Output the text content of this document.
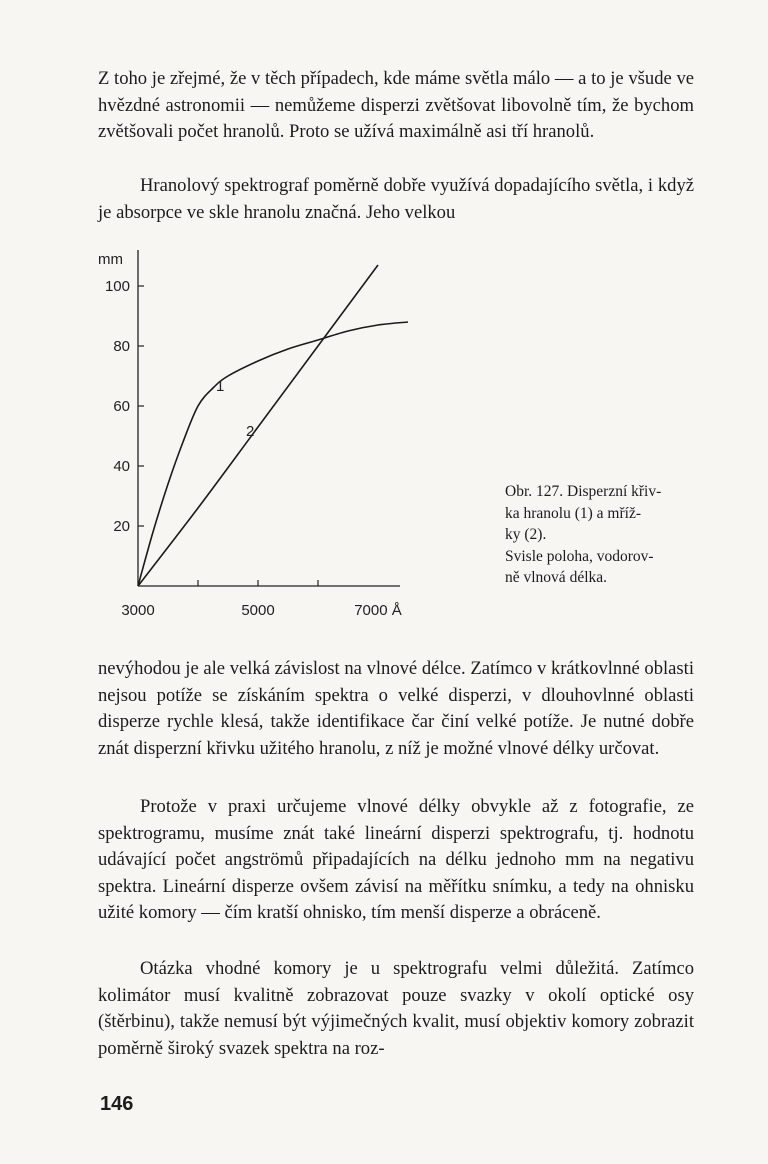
Z toho je zřejmé, že v těch případech, kde máme světla málo — a to je všude ve hvězdné astronomii — nemůžeme disperzi zvětšovat libovolně tím, že bychom zvětšovali počet hranolů. Proto se užívá maximálně asi tří hranolů.

Hranolový spektrograf poměrně dobře využívá dopadajícího světla, i když je absorpce ve skle hranolu značná. Jeho velkou

mm
20
40
60
80
100
3000	5000	7000 Å
1
2

Obr. 127. Disperzní křiv-
ka hranolu (1) a mříž-
ky (2).
Svisle poloha, vodorov-
ně vlnová délka.

nevýhodou je ale velká závislost na vlnové délce. Zatímco v krátkovlnné oblasti nejsou potíže se získáním spektra o velké disperzi, v dlouhovlnné oblasti disperze rychle klesá, takže identifikace čar činí velké potíže. Je nutné dobře znát disperzní křivku užitého hranolu, z níž je možné vlnové délky určovat.

Protože v praxi určujeme vlnové délky obvykle až z fotografie, ze spektrogramu, musíme znát také lineární disperzi spektrografu, tj. hodnotu udávající počet angströmů připadajících na délku jednoho mm na negativu spektra. Lineární disperze ovšem závisí na měřítku snímku, a tedy na ohnisku užité komory — čím kratší ohnisko, tím menší disperze a obráceně.

Otázka vhodné komory je u spektrografu velmi důležitá. Zatímco kolimátor musí kvalitně zobrazovat pouze svazky v okolí optické osy (štěrbinu), takže nemusí být výjimečných kvalit, musí objektiv komory zobrazit poměrně široký svazek spektra na roz-

146
